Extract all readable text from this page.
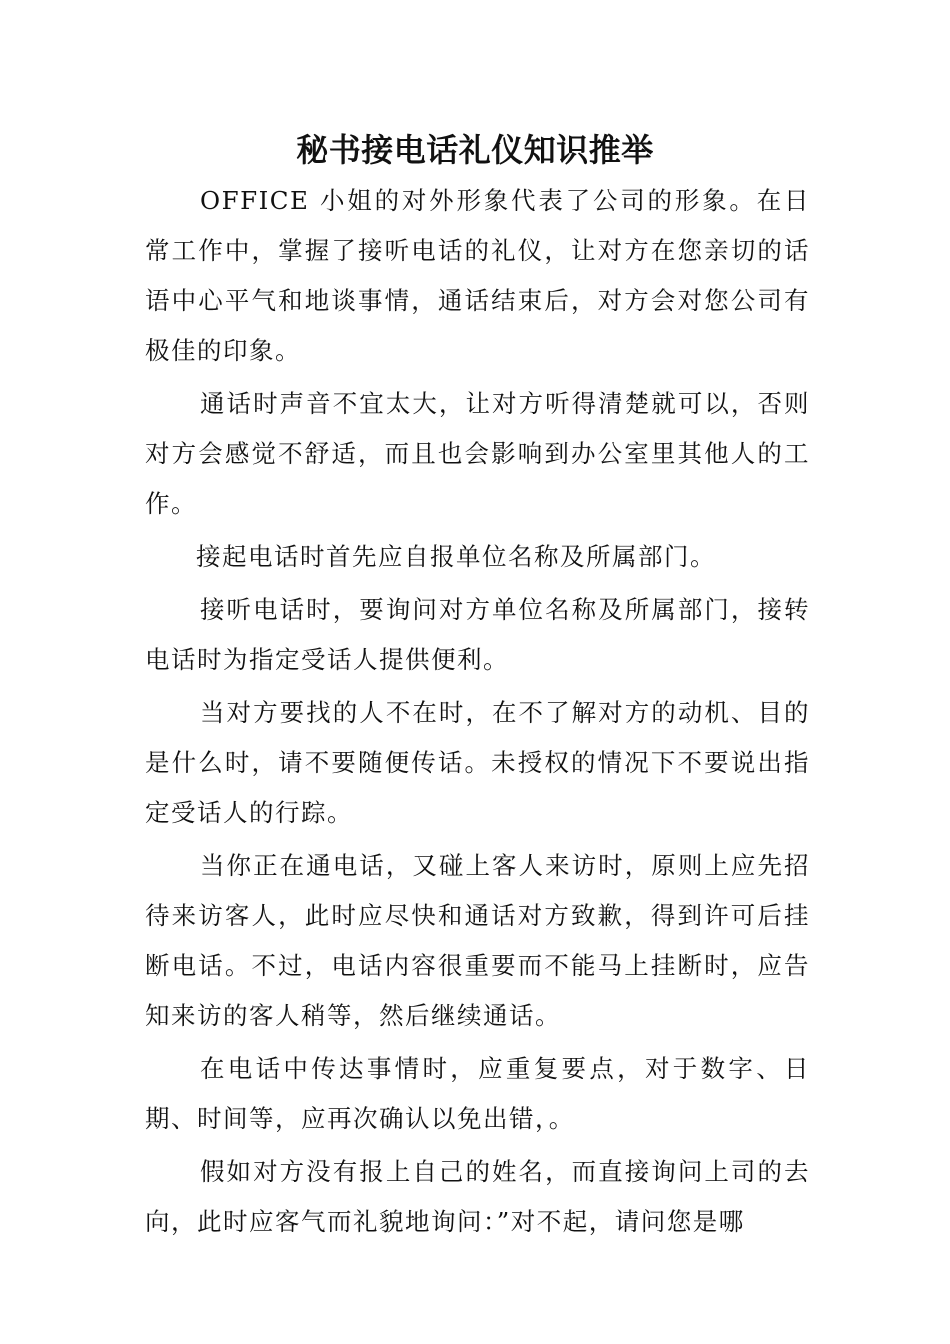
秘书接电话礼仪知识推举

OFFICE 小姐的对外形象代表了公司的形象。在日常工作中，掌握了接听电话的礼仪，让对方在您亲切的话语中心平气和地谈事情，通话结束后，对方会对您公司有极佳的印象。

通话时声音不宜太大，让对方听得清楚就可以，否则对方会感觉不舒适，而且也会影响到办公室里其他人的工作。

接起电话时首先应自报单位名称及所属部门。

接听电话时，要询问对方单位名称及所属部门，接转电话时为指定受话人提供便利。

当对方要找的人不在时，在不了解对方的动机、目的是什么时，请不要随便传话。未授权的情况下不要说出指定受话人的行踪。

当你正在通电话，又碰上客人来访时，原则上应先招待来访客人，此时应尽快和通话对方致歉，得到许可后挂断电话。不过，电话内容很重要而不能马上挂断时，应告知来访的客人稍等，然后继续通话。

在电话中传达事情时，应重复要点，对于数字、日期、时间等，应再次确认以免出错，。

假如对方没有报上自己的姓名，而直接询问上司的去向，此时应客气而礼貌地询问：”对不起，请问您是哪
